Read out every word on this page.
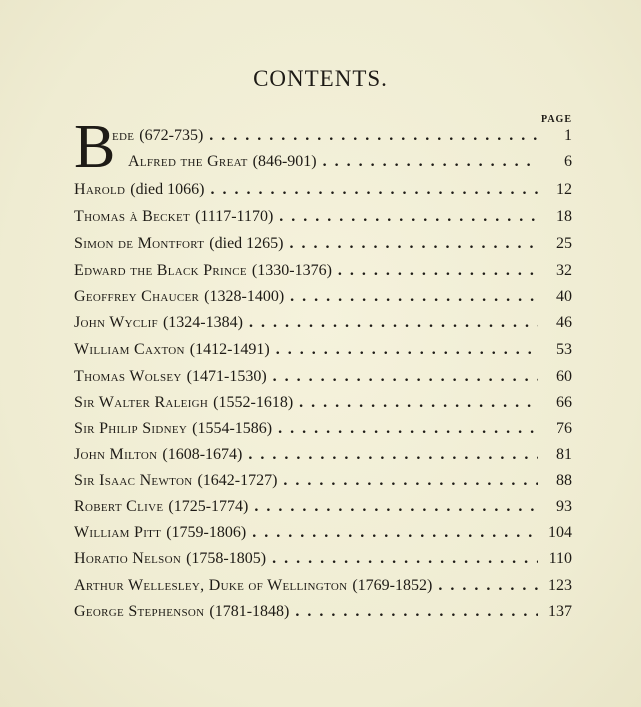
CONTENTS.
PAGE
B
ede (672-735) . . .	1
Alfred the Great (846-901) . . .	6
Harold (died 1066) . . .	12
Thomas à Becket (1117-1170) . . .	18
Simon de Montfort (died 1265) . . .	25
Edward the Black Prince (1330-1376) . . .	32
Geoffrey Chaucer (1328-1400) . . .	40
John Wyclif (1324-1384) . . .	46
William Caxton (1412-1491) . . .	53
Thomas Wolsey (1471-1530) . . .	60
Sir Walter Raleigh (1552-1618) . . .	66
Sir Philip Sidney (1554-1586) . . .	76
John Milton (1608-1674) . . .	81
Sir Isaac Newton (1642-1727) . . .	88
Robert Clive (1725-1774) . . .	93
William Pitt (1759-1806) . . .	104
Horatio Nelson (1758-1805) . . .	110
Arthur Wellesley, Duke of Wellington (1769-1852) . . .	123
George Stephenson (1781-1848) . . .	137
